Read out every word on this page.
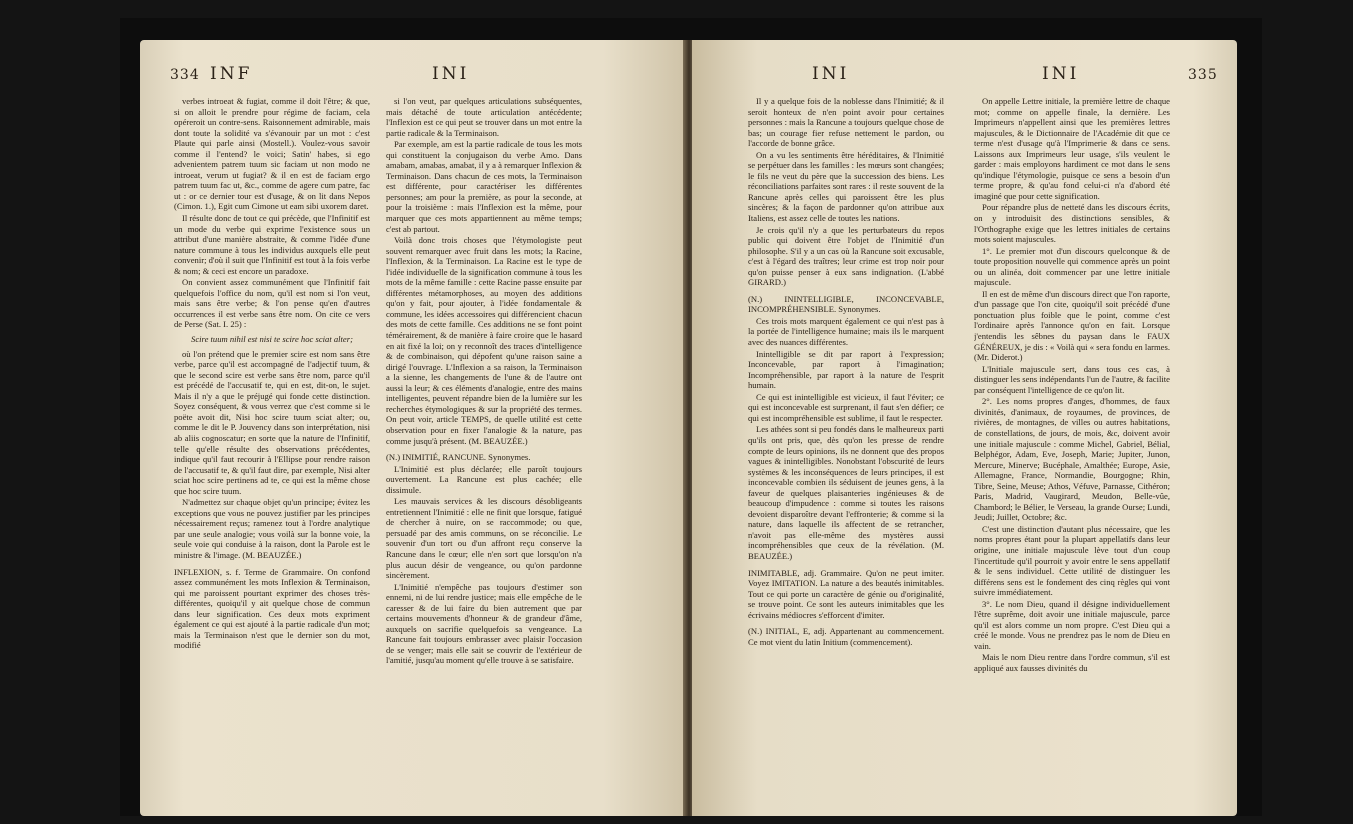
334 INF	INI

verbes introeat & fugiat, comme il doit l'être; & que, si on alloit le prendre pour régime de faciam, cela opéreroit un contre-sens. Raisonnement admirable, mais dont toute la solidité va s'évanouir par un mot : c'est Plaute qui parle ainsi (Mostell.). Voulez-vous savoir comme il l'entend? le voici; Satin' habes, si ego advenientem patrem tuum sic faciam ut non modo ne introeat, verum ut fugiat? & il en est de faciam ergo patrem tuum fac ut, &c., comme de agere cum patre, fac ut : or ce dernier tour est d'usage, & on lit dans Nepos (Cimon. 1.), Egit cum Cimone ut eam sibi uxorem daret.

Il résulte donc de tout ce qui précède, que l'Infinitif est un mode du verbe qui exprime l'existence sous un attribut d'une manière abstraite, & comme l'idée d'une nature commune à tous les individus auxquels elle peut convenir; d'où il suit que l'Infinitif est tout à la fois verbe & nom; & ceci est encore un paradoxe.

On convient assez communément que l'Infinitif fait quelquefois l'office du nom, qu'il est nom si l'on veut, mais sans être verbe; & l'on pense qu'en d'autres occurrences il est verbe sans être nom. On cite ce vers de Perse (Sat. I. 25) :

Scire tuum nihil est nisi te scire hoc sciat alter;

où l'on prétend que le premier scire est nom sans être verbe, parce qu'il est accompagné de l'adjectif tuum, & que le second scire est verbe sans être nom, parce qu'il est précédé de l'accusatif te, qui en est, dit-on, le sujet. Mais il n'y a que le préjugé qui fonde cette distinction. Soyez conséquent, & vous verrez que c'est comme si le poëte avoit dit, Nisi hoc scire tuum sciat alter; ou, comme le dit le P. Jouvency dans son interprétation, nisi ab aliis cognoscatur; en sorte que la nature de l'Infinitif, telle qu'elle résulte des observations précédentes, indique qu'il faut recourir à l'Ellipse pour rendre raison de l'accusatif te, & qu'il faut dire, par exemple, Nisi alter sciat hoc scire pertinens ad te, ce qui est la même chose que hoc scire tuum.

N'admettez sur chaque objet qu'un principe; évitez les exceptions que vous ne pouvez justifier par les principes nécessairement reçus; ramenez tout à l'ordre analytique par une seule analogie; vous voilà sur la bonne voie, la seule voie qui conduise à la raison, dont la Parole est le ministre & l'image. (M. BEAUZÉE.)

INFLEXION, s. f. Terme de Grammaire. On confond assez communément les mots Inflexion & Terminaison, qui me paroissent pourtant exprimer des choses très-différentes, quoiqu'il y ait quelque chose de commun dans leur signification. Ces deux mots expriment également ce qui est ajouté à la partie radicale d'un mot; mais la Terminaison n'est que le dernier son du mot, modifié

si l'on veut, par quelques articulations subséquentes, mais détaché de toute articulation antécédente; l'Inflexion est ce qui peut se trouver dans un mot entre la partie radicale & la Terminaison.

Par exemple, am est la partie radicale de tous les mots qui constituent la conjugaison du verbe Amo. Dans amabam, amabas, amabat, il y a à remarquer Inflexion & Terminaison. Dans chacun de ces mots, la Terminaison est différente, pour caractériser les différentes personnes; am pour la première, as pour la seconde, at pour la troisième : mais l'Inflexion est la même, pour marquer que ces mots appartiennent au même temps; c'est ab partout.

Voilà donc trois choses que l'étymologiste peut souvent remarquer avec fruit dans les mots; la Racine, l'Inflexion, & la Terminaison. La Racine est le type de l'idée individuelle de la signification commune à tous les mots de la même famille : cette Racine passe ensuite par différentes métamorphoses, au moyen des additions qu'on y fait, pour ajouter, à l'idée fondamentale & commune, les idées accessoires qui différencient chacun des mots de cette famille. Ces additions ne se font point témérairement, & de manière à faire croire que le hasard en ait fixé la loi; on y reconnoît des traces d'intelligence & de combinaison, qui dépofent qu'une raison saine a dirigé l'ouvrage. L'Inflexion a sa raison, la Terminaison a la sienne, les changements de l'une & de l'autre ont aussi la leur; & ces éléments d'analogie, entre des mains intelligentes, peuvent répandre bien de la lumière sur les recherches étymologiques & sur la propriété des termes. On peut voir, article TEMPS, de quelle utilité est cette observation pour en fixer l'analogie & la nature, pas comme jusqu'à présent. (M. BEAUZÉE.)

(N.) INIMITIÉ, RANCUNE. Synonymes.

L'Inimitié est plus déclarée; elle paroît toujours ouvertement. La Rancune est plus cachée; elle dissimule.

Les mauvais services & les discours désobligeants entretiennent l'Inimitié : elle ne finit que lorsque, fatigué de chercher à nuire, on se raccommode; ou que, persuadé par des amis communs, on se réconcilie. Le souvenir d'un tort ou d'un affront reçu conserve la Rancune dans le cœur; elle n'en sort que lorsqu'on n'a plus aucun désir de vengeance, ou qu'on pardonne sincèrement.

L'Inimitié n'empêche pas toujours d'estimer son ennemi, ni de lui rendre justice; mais elle empêche de le caresser & de lui faire du bien autrement que par certains mouvements d'honneur & de grandeur d'âme, auxquels on sacrifie quelquefois sa vengeance. La Rancune fait toujours embrasser avec plaisir l'occasion de se venger; mais elle sait se couvrir de l'extérieur de l'amitié, jusqu'au moment qu'elle trouve à se satisfaire.

INI	INI	335

Il y a quelque fois de la noblesse dans l'Inimitié; & il seroit honteux de n'en point avoir pour certaines personnes : mais la Rancune a toujours quelque chose de bas; un courage fier refuse nettement le pardon, ou l'accorde de bonne grâce.

On a vu les sentiments être héréditaires, & l'Inimitié se perpétuer dans les familles : les mœurs sont changées; le fils ne veut du père que la succession des biens. Les réconciliations parfaites sont rares : il reste souvent de la Rancune après celles qui paroissent être les plus sincères; & la façon de pardonner qu'on attribue aux Italiens, est assez celle de toutes les nations.

Je crois qu'il n'y a que les perturbateurs du repos public qui doivent être l'objet de l'Inimitié d'un philosophe. S'il y a un cas où la Rancune soit excusable, c'est à l'égard des traîtres; leur crime est trop noir pour qu'on puisse penser à eux sans indignation. (L'abbé GIRARD.)

(N.) ININTELLIGIBLE, INCONCEVABLE, INCOMPRÉHENSIBLE. Synonymes.

Ces trois mots marquent également ce qui n'est pas à la portée de l'intelligence humaine; mais ils le marquent avec des nuances différentes.

Inintelligible se dit par raport à l'expression; Inconcevable, par raport à l'imagination; Incompréhensible, par raport à la nature de l'esprit humain.

Ce qui est inintelligible est vicieux, il faut l'éviter; ce qui est inconcevable est surprenant, il faut s'en défier; ce qui est incompréhensible est sublime, il faut le respecter.

Les athées sont si peu fondés dans le malheureux parti qu'ils ont pris, que, dès qu'on les presse de rendre compte de leurs opinions, ils ne donnent que des propos vagues & inintelligibles. Nonobstant l'obscurité de leurs systèmes & les inconséquences de leurs principes, il est inconcevable combien ils séduisent de jeunes gens, à la faveur de quelques plaisanteries ingénieuses & de beaucoup d'impudence : comme si toutes les raisons devoient disparoître devant l'effronterie; & comme si la nature, dans laquelle ils affectent de se retrancher, n'avoit pas elle-même des mystères aussi incompréhensibles que ceux de la révélation. (M. BEAUZÉE.)

INIMITABLE, adj. Grammaire. Qu'on ne peut imiter. Voyez IMITATION. La nature a des beautés inimitables. Tout ce qui porte un caractère de génie ou d'originalité, se trouve point. Ce sont les auteurs inimitables que les écrivains médiocres s'efforcent d'imiter.

(N.) INITIAL, E, adj. Appartenant au commencement. Ce mot vient du latin Initium (commencement).

On appelle Lettre initiale, la première lettre de chaque mot; comme on appelle finale, la dernière. Les Imprimeurs n'appellent ainsi que les premières lettres majuscules, & le Dictionnaire de l'Académie dit que ce terme n'est d'usage qu'à l'Imprimerie & dans ce sens. Laissons aux Imprimeurs leur usage, s'ils veulent le garder : mais employons hardiment ce mot dans le sens qu'indique l'étymologie, puisque ce sens a besoin d'un terme propre, & qu'au fond celui-ci n'a d'abord été imaginé que pour cette signification.

Pour répandre plus de netteté dans les discours écrits, on y introduisit des distinctions sensibles, & l'Orthographe exige que les lettres initiales de certains mots soient majuscules.

1°. Le premier mot d'un discours quelconque & de toute proposition nouvelle qui commence après un point ou un alinéa, doit commencer par une lettre initiale majuscule.

Il en est de même d'un discours direct que l'on raporte, d'un passage que l'on cite, quoiqu'il soit précédé d'une ponctuation plus foible que le point, comme c'est l'ordinaire après l'annonce qu'on en fait. Lorsque j'entendis les sêbnes du paysan dans le FAUX GÉNÉREUX, je dis : « Voilà qui « sera fondu en larmes. (Mr. Diderot.)

L'Initiale majuscule sert, dans tous ces cas, à distinguer les sens indépendants l'un de l'autre, & facilite par conséquent l'intelligence de ce qu'on lit.

2°. Les noms propres d'anges, d'hommes, de faux divinités, d'animaux, de royaumes, de provinces, de rivières, de montagnes, de villes ou autres habitations, de constellations, de jours, de mois, &c, doivent avoir une initiale majuscule : comme Michel, Gabriel, Bélial, Belphégor, Adam, Eve, Joseph, Marie; Jupiter, Junon, Mercure, Minerve; Bucéphale, Amalthée; Europe, Asie, Allemagne, France, Normandie, Bourgogne; Rhin, Tibre, Seine, Meuse; Athos, Véfuve, Parnasse, Cithéron; Paris, Madrid, Vaugirard, Meudon, Belle-vûe, Chambord; le Bélier, le Verseau, la grande Ourse; Lundi, Jeudi; Juillet, Octobre; &c.

C'est une distinction d'autant plus nécessaire, que les noms propres étant pour la plupart appellatifs dans leur origine, une initiale majuscule lève tout d'un coup l'incertitude qu'il pourroit y avoir entre le sens appellatif & le sens individuel. Cette utilité de distinguer les différens sens est le fondement des cinq règles qui vont suivre immédiatement.

3°. Le nom Dieu, quand il désigne individuellement l'être suprême, doit avoir une initiale majuscule, parce qu'il est alors comme un nom propre. C'est Dieu qui a créé le monde. Vous ne prendrez pas le nom de Dieu en vain.

Mais le nom Dieu rentre dans l'ordre commun, s'il est appliqué aux fausses divinités du
